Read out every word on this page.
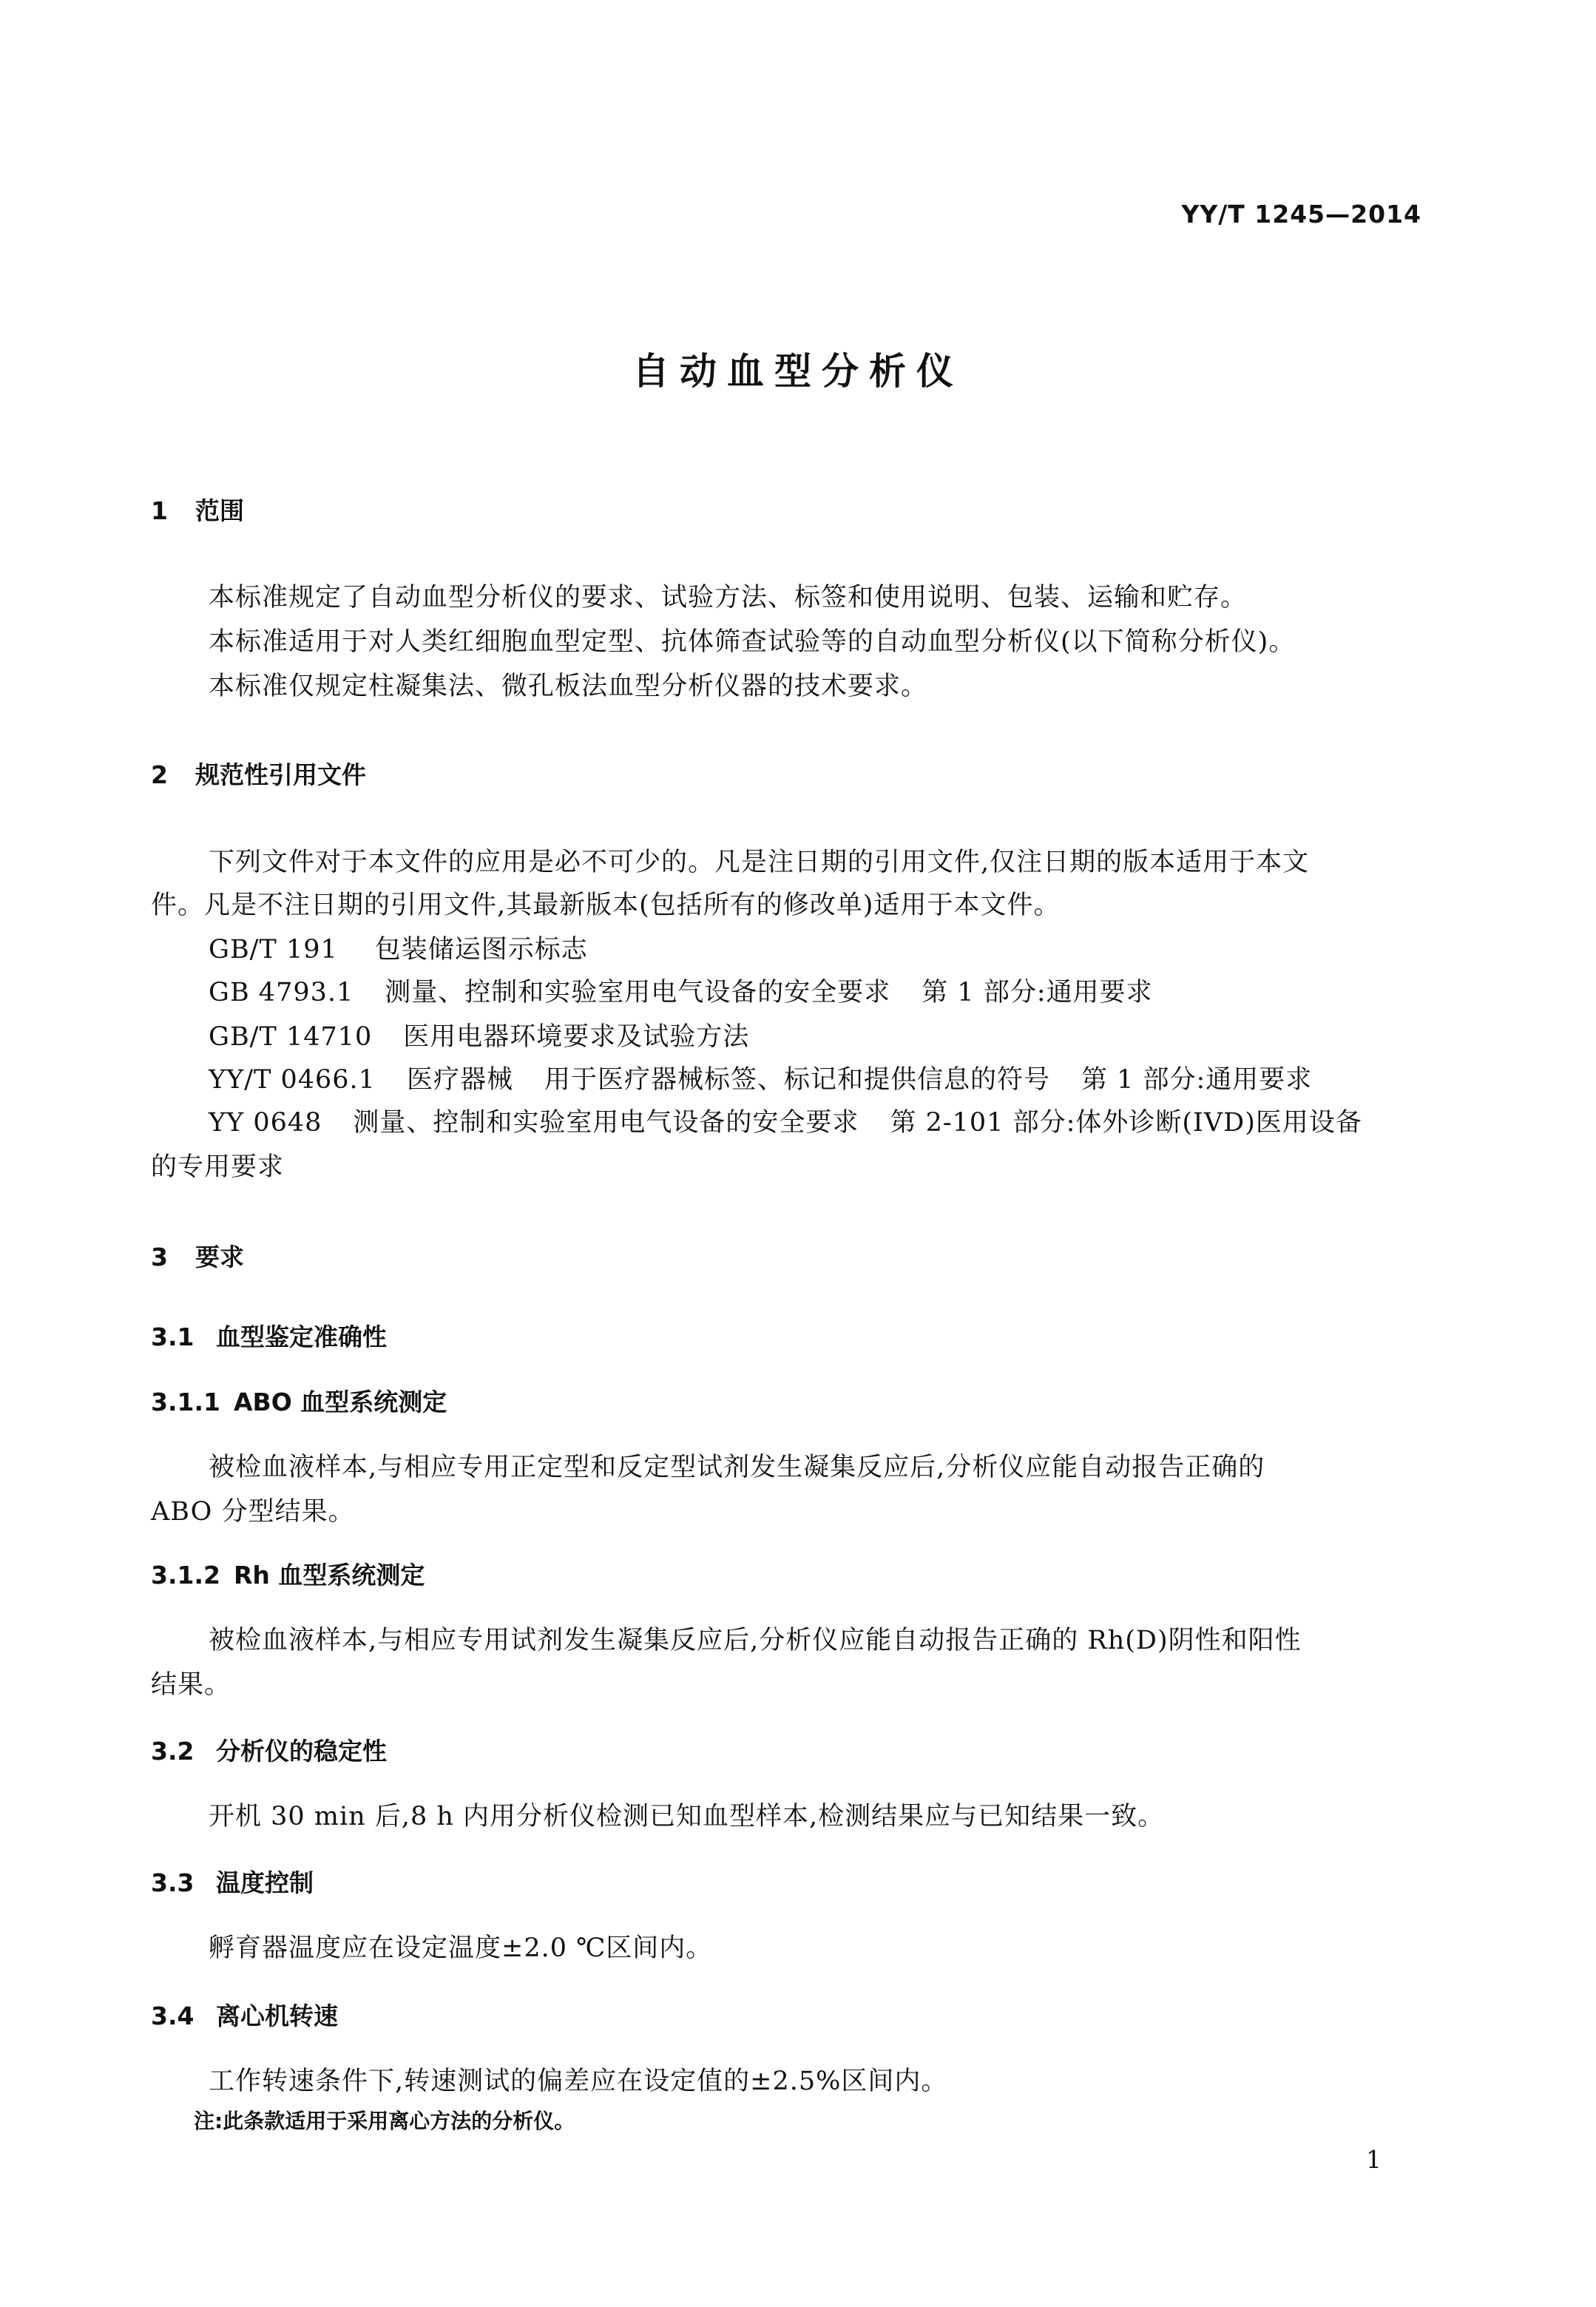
YY/T 1245—2014
自动血型分析仪
1 范围
本标准规定了自动血型分析仪的要求、试验方法、标签和使用说明、包装、运输和贮存。
本标准适用于对人类红细胞血型定型、抗体筛查试验等的自动血型分析仪(以下简称分析仪)。
本标准仅规定柱凝集法、微孔板法血型分析仪器的技术要求。
2 规范性引用文件
下列文件对于本文件的应用是必不可少的。凡是注日期的引用文件,仅注日期的版本适用于本文
件。凡是不注日期的引用文件,其最新版本(包括所有的修改单)适用于本文件。
GB/T 191 包装储运图示标志
GB 4793.1 测量、控制和实验室用电气设备的安全要求 第 1 部分:通用要求
GB/T 14710 医用电器环境要求及试验方法
YY/T 0466.1 医疗器械 用于医疗器械标签、标记和提供信息的符号 第 1 部分:通用要求
YY 0648 测量、控制和实验室用电气设备的安全要求 第 2-101 部分:体外诊断(IVD)医用设备
的专用要求
3 要求
3.1 血型鉴定准确性
3.1.1 ABO 血型系统测定
被检血液样本,与相应专用正定型和反定型试剂发生凝集反应后,分析仪应能自动报告正确的
ABO 分型结果。
3.1.2 Rh 血型系统测定
被检血液样本,与相应专用试剂发生凝集反应后,分析仪应能自动报告正确的 Rh(D)阴性和阳性
结果。
3.2 分析仪的稳定性
开机 30 min 后,8 h 内用分析仪检测已知血型样本,检测结果应与已知结果一致。
3.3 温度控制
孵育器温度应在设定温度±2.0 ℃区间内。
3.4 离心机转速
工作转速条件下,转速测试的偏差应在设定值的±2.5%区间内。
注:此条款适用于采用离心方法的分析仪。
1
